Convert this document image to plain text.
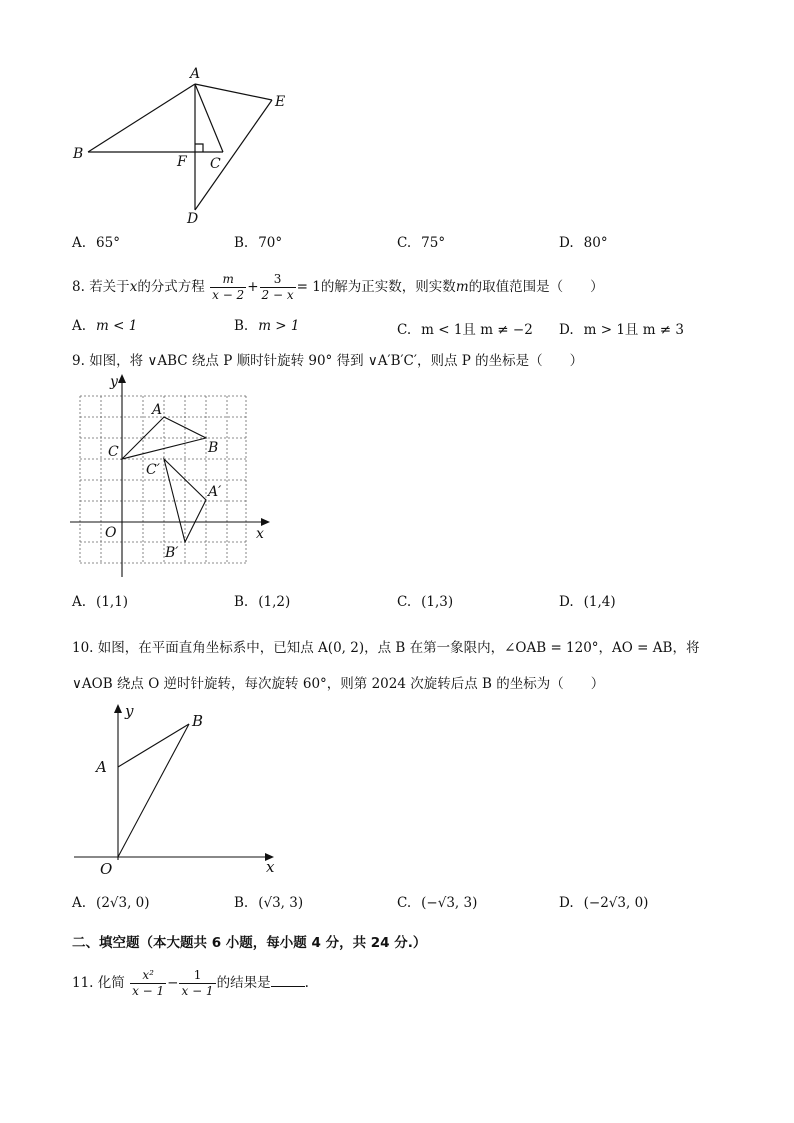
A
B
C
D
E
F
A. 65°	B. 70°	C. 75°	D. 80°
8. 若关于x的分式方程 $\frac{m}{x - 2} + \frac{3}{2 - x} = 1$的解为正实数，则实数m的取值范围是（　　）
A. m < 1	B. m > 1	C. m < 1且 m ≠ −2 D. m > 1且 m ≠ 3
9. 如图，将 ∨ABC 绕点 P 顺时针旋转 90° 得到 ∨A′B′C′，则点 P 的坐标是（　　）
y
x
O
A
B
C
A′
B′
C′
A. (1,1)	B. (1,2)	C. (1,3)	D. (1,4)
10. 如图，在平面直角坐标系中，已知点 A(0, 2)，点 B 在第一象限内，∠OAB = 120°，AO = AB，将
∨AOB 绕点 O 逆时针旋转，每次旋转 60°，则第 2024 次旋转后点 B 的坐标为（　　）
y
x
O
A
B
A. (2√3, 0)	B. (√3, 3)	C. (−√3, 3)	D. (−2√3, 0)
二、填空题（本大题共 6 小题，每小题 4 分，共 24 分.）
11. 化简 $\frac{\text{x²}}{x - 1} - \frac{1}{x - 1}$ 的结果是	.
